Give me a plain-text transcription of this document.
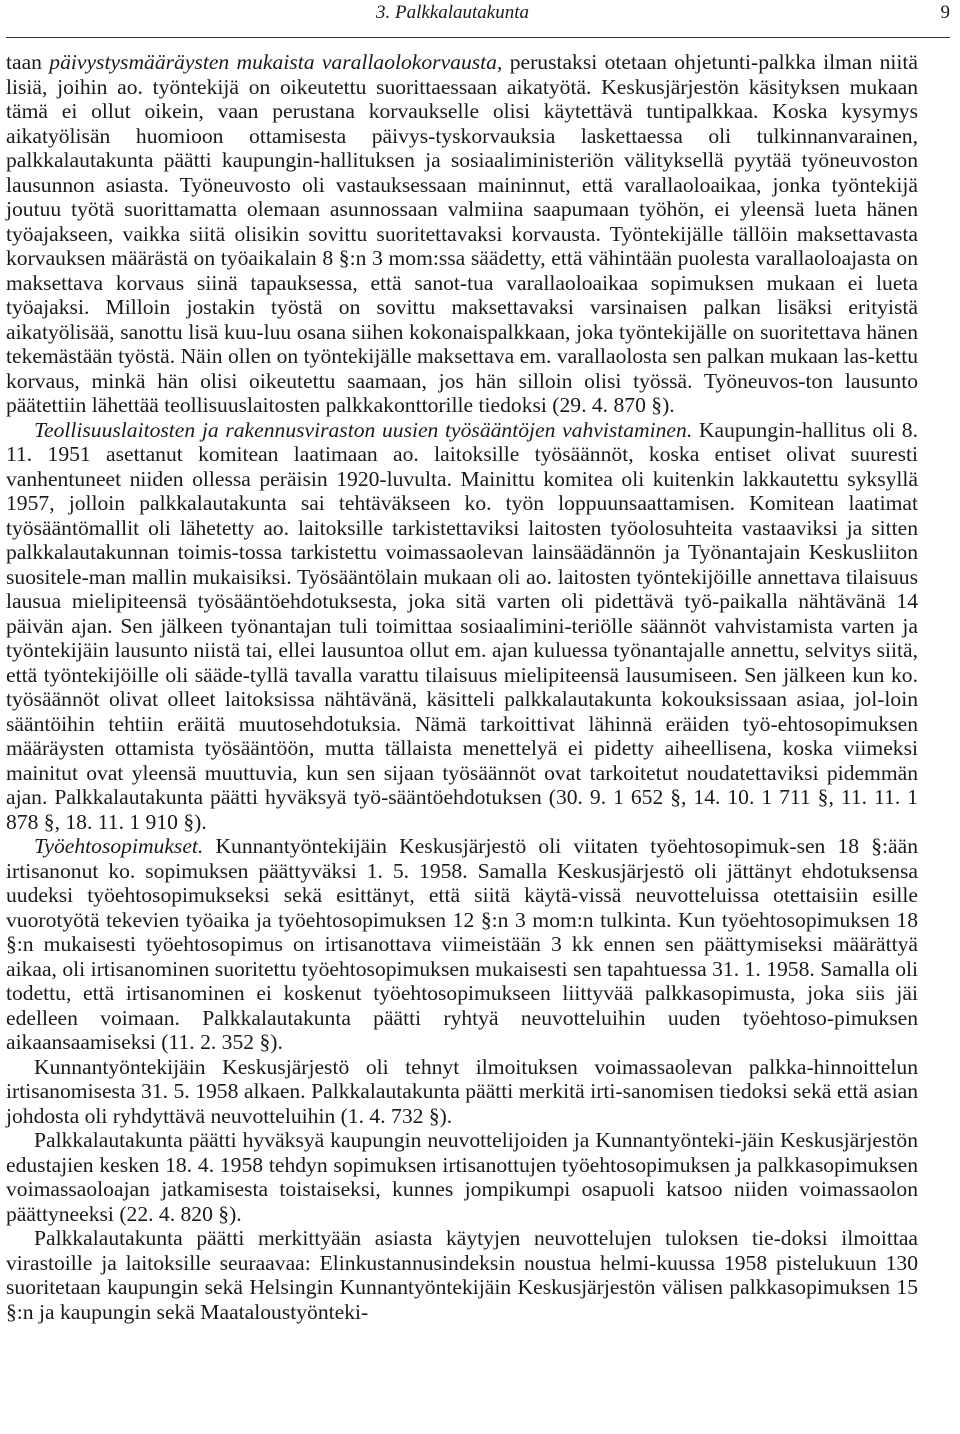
3. Palkkalautakunta	9

taan päivystysmääräysten mukaista varallaolokorvausta, perustaksi otetaan ohjetunti-palkka ilman niitä lisiä, joihin ao. työntekijä on oikeutettu suorittaessaan aikatyötä. Keskusjärjestön käsityksen mukaan tämä ei ollut oikein, vaan perustana korvaukselle olisi käytettävä tuntipalkkaa. Koska kysymys aikatyölisän huomioon ottamisesta päivys-tyskorvauksia laskettaessa oli tulkinnanvarainen, palkkalautakunta päätti kaupungin-hallituksen ja sosiaaliministeriön välityksellä pyytää työneuvoston lausunnon asiasta. Työneuvosto oli vastauksessaan maininnut, että varallaoloaikaa, jonka työntekijä joutuu työtä suorittamatta olemaan asunnossaan valmiina saapumaan työhön, ei yleensä lueta hänen työajakseen, vaikka siitä olisikin sovittu suoritettavaksi korvausta. Työntekijälle tällöin maksettavasta korvauksen määrästä on työaikalain 8 §:n 3 mom:ssa säädetty, että vähintään puolesta varallaoloajasta on maksettava korvaus siinä tapauksessa, että sanot-tua varallaoloaikaa sopimuksen mukaan ei lueta työajaksi. Milloin jostakin työstä on sovittu maksettavaksi varsinaisen palkan lisäksi erityistä aikatyölisää, sanottu lisä kuu-luu osana siihen kokonaispalkkaan, joka työntekijälle on suoritettava hänen tekemästään työstä. Näin ollen on työntekijälle maksettava em. varallaolosta sen palkan mukaan las-kettu korvaus, minkä hän olisi oikeutettu saamaan, jos hän silloin olisi työssä. Työneuvos-ton lausunto päätettiin lähettää teollisuuslaitosten palkkakonttorille tiedoksi (29. 4. 870 §).

Teollisuuslaitosten ja rakennusviraston uusien työsääntöjen vahvistaminen. Kaupungin-hallitus oli 8. 11. 1951 asettanut komitean laatimaan ao. laitoksille työsäännöt, koska entiset olivat suuresti vanhentuneet niiden ollessa peräisin 1920-luvulta. Mainittu komitea oli kuitenkin lakkautettu syksyllä 1957, jolloin palkkalautakunta sai tehtäväkseen ko. työn loppuunsaattamisen. Komitean laatimat työsääntömallit oli lähetetty ao. laitoksille tarkistettaviksi laitosten työolosuhteita vastaaviksi ja sitten palkkalautakunnan toimis-tossa tarkistettu voimassaolevan lainsäädännön ja Työnantajain Keskusliiton suositele-man mallin mukaisiksi. Työsääntölain mukaan oli ao. laitosten työntekijöille annettava tilaisuus lausua mielipiteensä työsääntöehdotuksesta, joka sitä varten oli pidettävä työ-paikalla nähtävänä 14 päivän ajan. Sen jälkeen työnantajan tuli toimittaa sosiaalimini-teriölle säännöt vahvistamista varten ja työntekijäin lausunto niistä tai, ellei lausuntoa ollut em. ajan kuluessa työnantajalle annettu, selvitys siitä, että työntekijöille oli sääde-tyllä tavalla varattu tilaisuus mielipiteensä lausumiseen. Sen jälkeen kun ko. työsäännöt olivat olleet laitoksissa nähtävänä, käsitteli palkkalautakunta kokouksissaan asiaa, jol-loin sääntöihin tehtiin eräitä muutosehdotuksia. Nämä tarkoittivat lähinnä eräiden työ-ehtosopimuksen määräysten ottamista työsääntöön, mutta tällaista menettelyä ei pidetty aiheellisena, koska viimeksi mainitut ovat yleensä muuttuvia, kun sen sijaan työsäännöt ovat tarkoitetut noudatettaviksi pidemmän ajan. Palkkalautakunta päätti hyväksyä työ-sääntöehdotuksen (30. 9. 1 652 §, 14. 10. 1 711 §, 11. 11. 1 878 §, 18. 11. 1 910 §).

Työehtosopimukset. Kunnantyöntekijäin Keskusjärjestö oli viitaten työehtosopimuk-sen 18 §:ään irtisanonut ko. sopimuksen päättyväksi 1. 5. 1958. Samalla Keskusjärjestö oli jättänyt ehdotuksensa uudeksi työehtosopimukseksi sekä esittänyt, että siitä käytä-vissä neuvotteluissa otettaisiin esille vuorotyötä tekevien työaika ja työehtosopimuksen 12 §:n 3 mom:n tulkinta. Kun työehtosopimuksen 18 §:n mukaisesti työehtosopimus on irtisanottava viimeistään 3 kk ennen sen päättymiseksi määrättyä aikaa, oli irtisanominen suoritettu työehtosopimuksen mukaisesti sen tapahtuessa 31. 1. 1958. Samalla oli todettu, että irtisanominen ei koskenut työehtosopimukseen liittyvää palkkasopimusta, joka siis jäi edelleen voimaan. Palkkalautakunta päätti ryhtyä neuvotteluihin uuden työehtoso-pimuksen aikaansaamiseksi (11. 2. 352 §).

Kunnantyöntekijäin Keskusjärjestö oli tehnyt ilmoituksen voimassaolevan palkka-hinnoittelun irtisanomisesta 31. 5. 1958 alkaen. Palkkalautakunta päätti merkitä irti-sanomisen tiedoksi sekä että asian johdosta oli ryhdyttävä neuvotteluihin (1. 4. 732 §).

Palkkalautakunta päätti hyväksyä kaupungin neuvottelijoiden ja Kunnantyönteki-jäin Keskusjärjestön edustajien kesken 18. 4. 1958 tehdyn sopimuksen irtisanottujen työehtosopimuksen ja palkkasopimuksen voimassaoloajan jatkamisesta toistaiseksi, kunnes jompikumpi osapuoli katsoo niiden voimassaolon päättyneeksi (22. 4. 820 §).

Palkkalautakunta päätti merkittyään asiasta käytyjen neuvottelujen tuloksen tie-doksi ilmoittaa virastoille ja laitoksille seuraavaa: Elinkustannusindeksin noustua helmi-kuussa 1958 pistelukuun 130 suoritetaan kaupungin sekä Helsingin Kunnantyöntekijäin Keskusjärjestön välisen palkkasopimuksen 15 §:n ja kaupungin sekä Maataloustyönteki-
